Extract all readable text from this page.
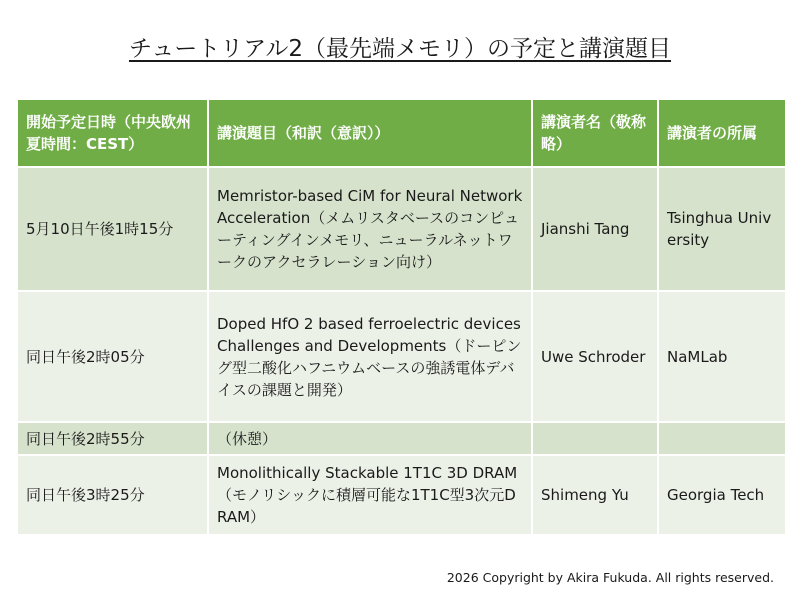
チュートリアル2（最先端メモリ）の予定と講演題目
開始予定日時（中央欧州夏時間：CEST）	講演題目（和訳（意訳））	講演者名（敬称略）	講演者の所属
5月10日午後1時15分	Memristor-based CiM for Neural Network Acceleration（メムリスタベースのコンピューティングインメモリ、ニューラルネットワークのアクセラレーション向け）	Jianshi Tang	Tsinghua University
同日午後2時05分	Doped HfO 2 based ferroelectric devices Challenges and Developments（ドーピング型二酸化ハフニウムベースの強誘電体デバイスの課題と開発）	Uwe Schroder	NaMLab
同日午後2時55分	（休憩）		
同日午後3時25分	Monolithically Stackable 1T1C 3D DRAM（モノリシックに積層可能な1T1C型3次元DRAM）	Shimeng Yu	Georgia Tech
2026 Copyright by Akira Fukuda. All rights reserved.
